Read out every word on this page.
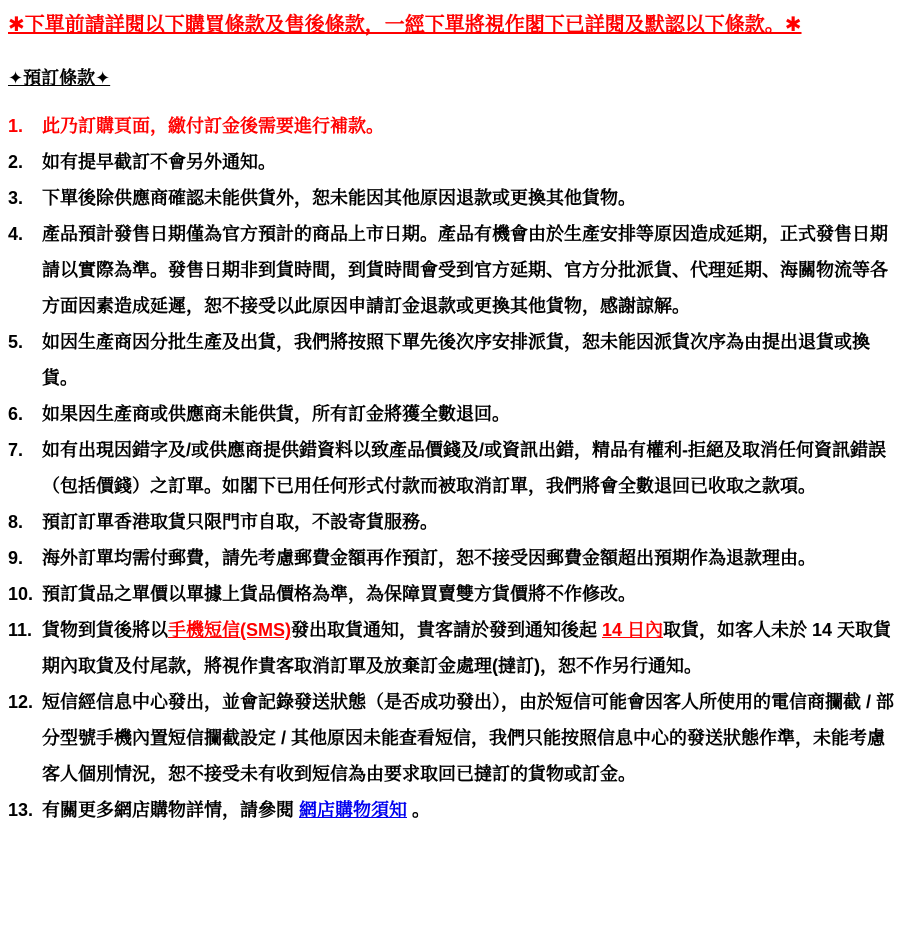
✱下單前請詳閱以下購買條款及售後條款，一經下單將視作閣下已詳閱及默認以下條款。✱

✦預訂條款✦

1.	此乃訂購頁面，繳付訂金後需要進行補款。
2.	如有提早截訂不會另外通知。
3.	下單後除供應商確認未能供貨外，恕未能因其他原因退款或更換其他貨物。
4.	產品預計發售日期僅為官方預計的商品上市日期。產品有機會由於生產安排等原因造成延期，正式發售日期請以實際為準。發售日期非到貨時間，到貨時間會受到官方延期、官方分批派貨、代理延期、海關物流等各方面因素造成延遲，恕不接受以此原因申請訂金退款或更換其他貨物，感謝諒解。
5.	如因生產商因分批生產及出貨，我們將按照下單先後次序安排派貨，恕未能因派貨次序為由提出退貨或換貨。
6.	如果因生產商或供應商未能供貨，所有訂金將獲全數退回。
7.	如有出現因錯字及/或供應商提供錯資料以致產品價錢及/或資訊出錯，精品有權利-拒絕及取消任何資訊錯誤（包括價錢）之訂單。如閣下已用任何形式付款而被取消訂單，我們將會全數退回已收取之款項。
8.	預訂訂單香港取貨只限門市自取，不設寄貨服務。
9.	海外訂單均需付郵費，請先考慮郵費金額再作預訂，恕不接受因郵費金額超出預期作為退款理由。
10. 預訂貨品之單價以單據上貨品價格為準，為保障買賣雙方貨價將不作修改。
11. 貨物到貨後將以手機短信(SMS)發出取貨通知，貴客請於發到通知後起 14 日內取貨，如客人未於 14 天取貨期內取貨及付尾款，將視作貴客取消訂單及放棄訂金處理(撻訂)，恕不作另行通知。
12. 短信經信息中心發出，並會記錄發送狀態（是否成功發出），由於短信可能會因客人所使用的電信商攔截 / 部分型號手機內置短信攔截設定 / 其他原因未能查看短信，我們只能按照信息中心的發送狀態作準，未能考慮客人個別情況，恕不接受未有收到短信為由要求取回已撻訂的貨物或訂金。
13. 有關更多網店購物詳情，請參閱 網店購物須知 。
